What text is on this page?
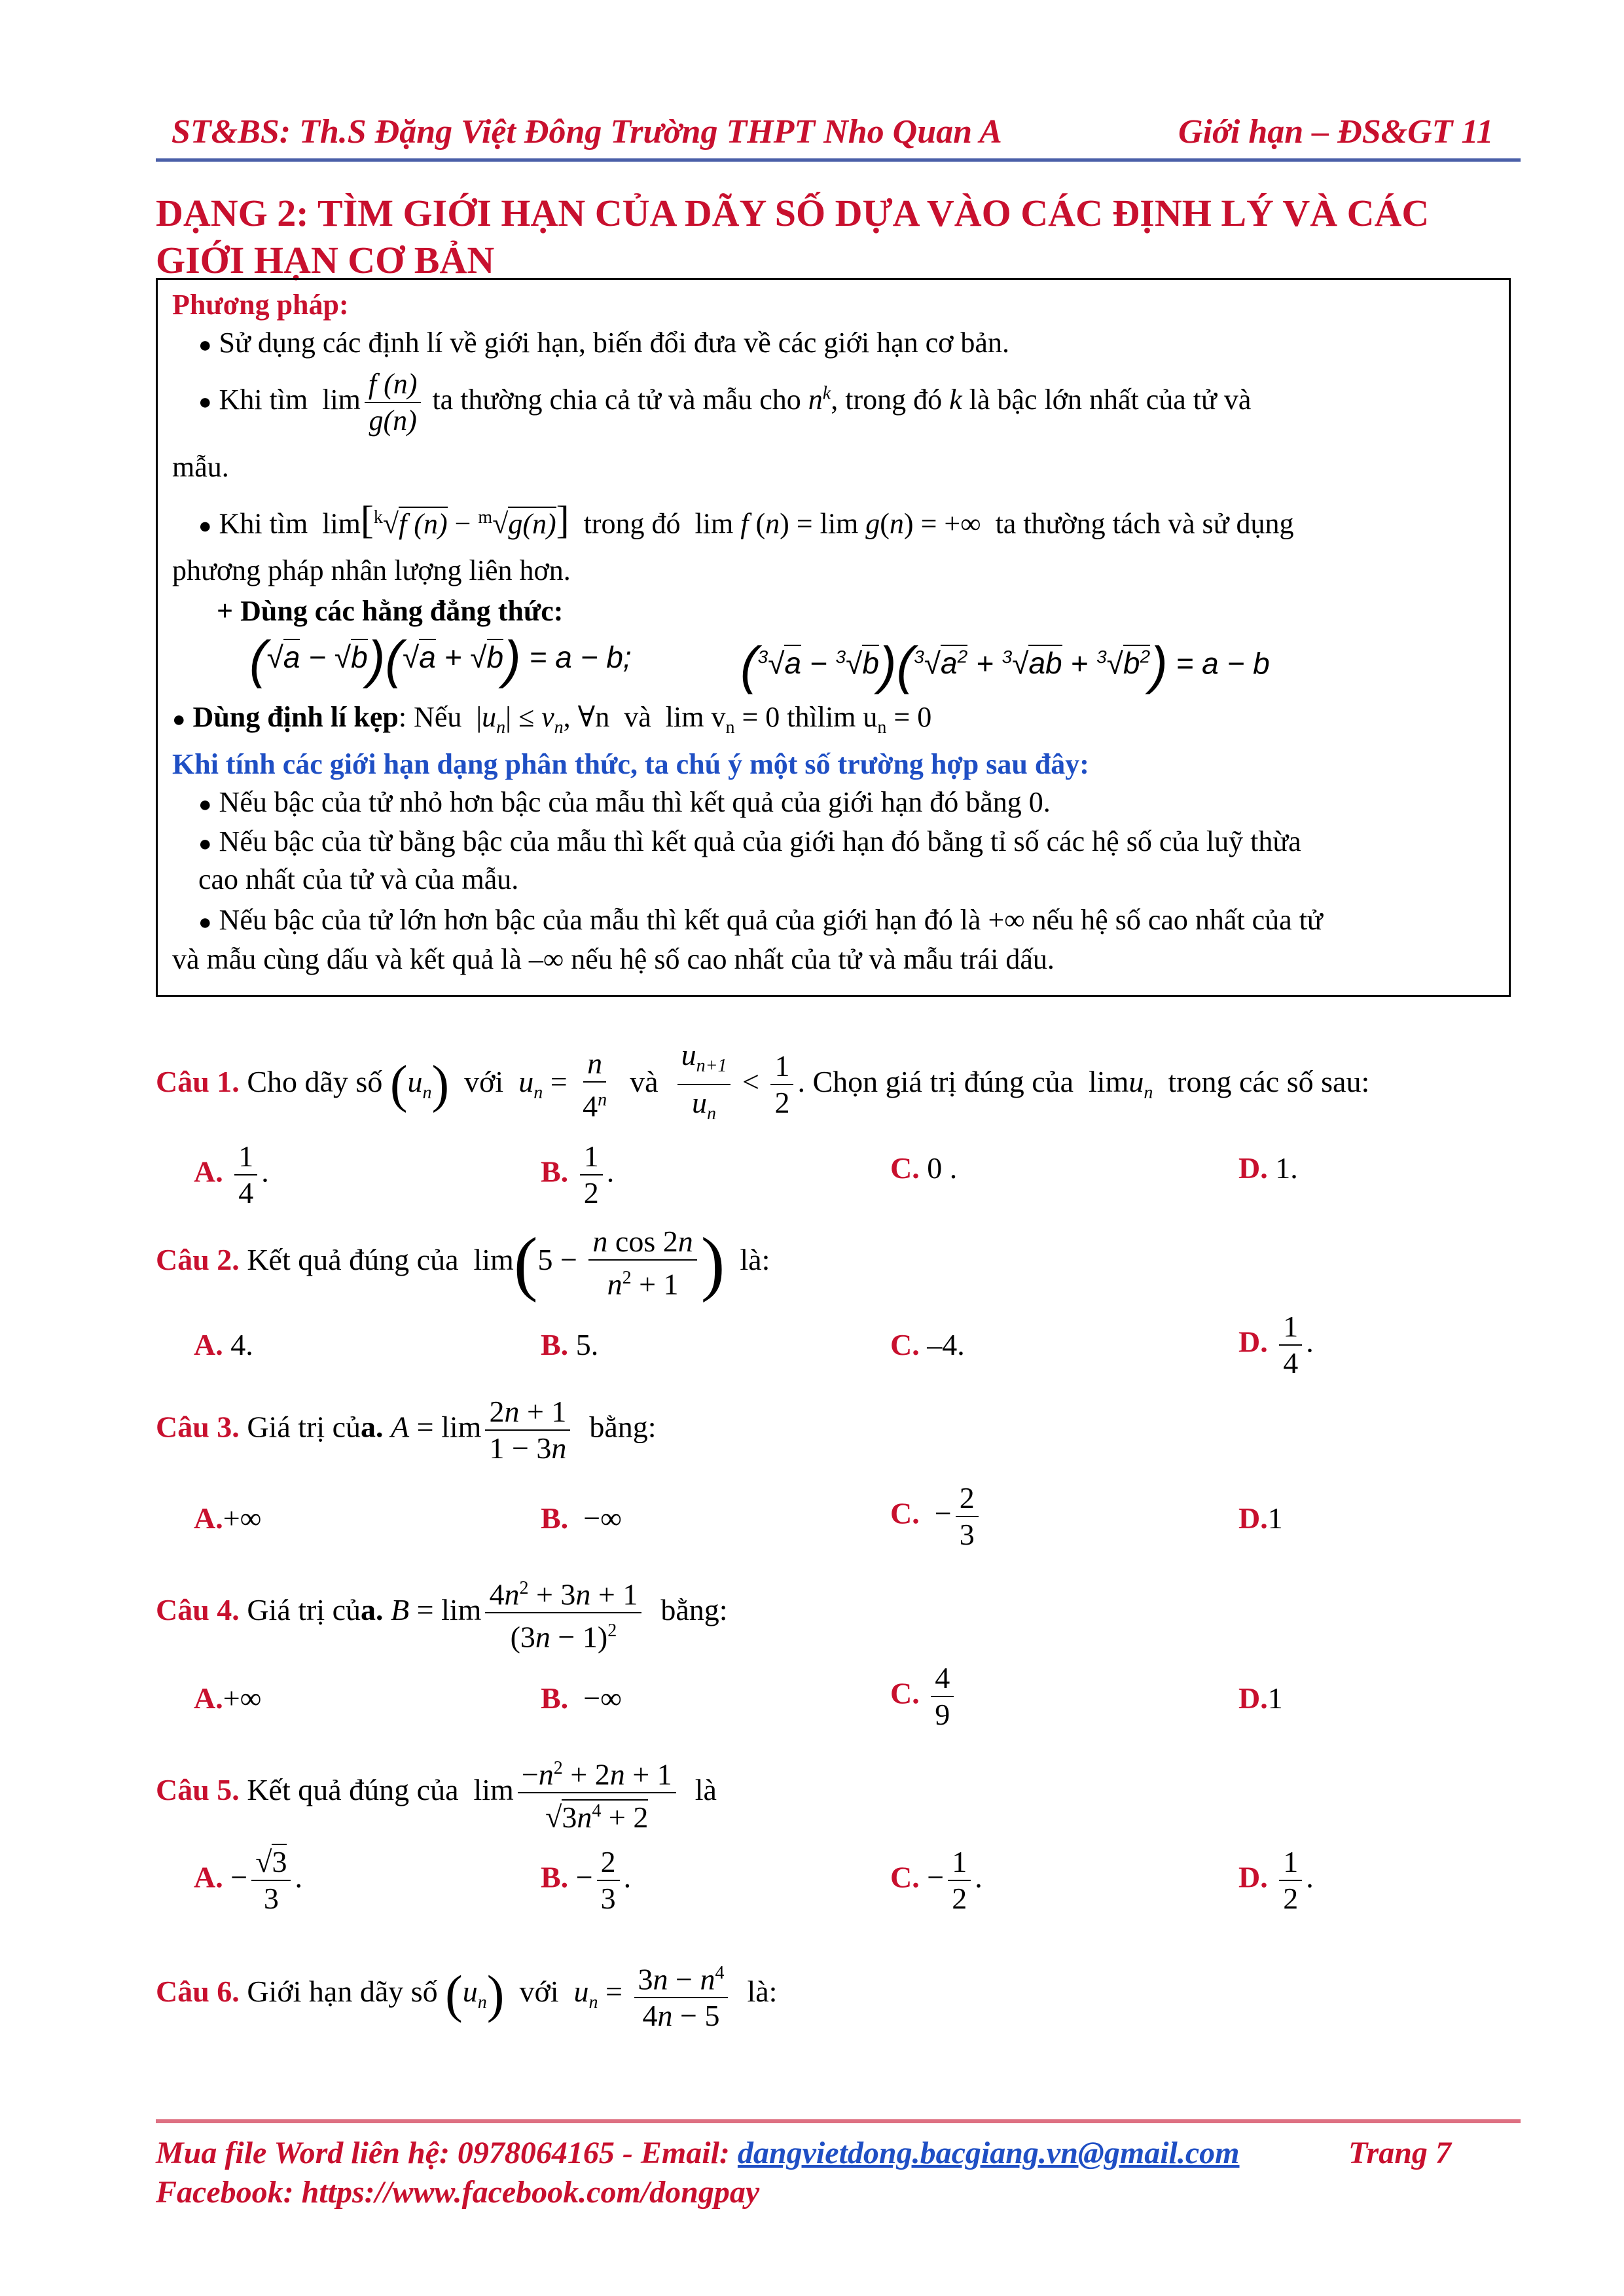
ST&BS: Th.S Đặng Việt Đông Trường THPT Nho Quan A	Giới hạn – ĐS&GT 11
DẠNG 2: TÌM GIỚI HẠN CỦA DÃY SỐ DỰA VÀO CÁC ĐỊNH LÝ VÀ CÁC GIỚI HẠN CƠ BẢN
Phương pháp:
● Sử dụng các định lí về giới hạn, biến đổi đưa về các giới hạn cơ bản.
● Khi tìm  $\lim \frac{f (n)}{g(n)}$ ta thường chia cả tử và mẫu cho $n^k$, trong đó k là bậc lớn nhất của tử và
mẫu.
● Khi tìm  lim[$^k$√f (n) − $^m$√g(n)] trong đó  lim f (n) = lim g(n) = +∞  ta thường tách và sử dụng
phương pháp nhân lượng liên hơn.
+ Dùng các hằng đẳng thức:
(√a − √b)(√a + √b) = a − b; $(^3√a - ^3√b)(^3√a^2 + ^3√ab + ^3√b^2) = a - b$
● Dùng định lí kẹp: Nếu  $|u_n| \le v_n$, ∀n  và  $\lim v_n = 0$ thìlim $u_n = 0$
Khi tính các giới hạn dạng phân thức, ta chú ý một số trường hợp sau đây:
● Nếu bậc của tử nhỏ hơn bậc của mẫu thì kết quả của giới hạn đó bằng 0.
● Nếu bậc của từ bằng bậc của mẫu thì kết quả của giới hạn đó bằng tỉ số các hệ số của luỹ thừa
cao nhất của tử và của mẫu.
● Nếu bậc của tử lớn hơn bậc của mẫu thì kết quả của giới hạn đó là +∞ nếu hệ số cao nhất của tử
và mẫu cùng dấu và kết quả là –∞ nếu hệ số cao nhất của tử và mẫu trái dấu.
Câu 1. Cho dãy số $(u_n)$ với $u_n = \frac{n}{4^n}$ và $\frac{u_{n+1}}{u_n} < \frac{1}{2}$ . Chọn giá trị đúng của  limu$_n$ trong các số sau:
A. $\frac{1}{4}$ .	B. $\frac{1}{2}$ .	C. 0 .	D. 1.
Câu 2. Kết quả đúng của  $\lim(5 - \frac{\text{n cos 2n}}{n^2 + 1}$ ) là:
A. 4.	B. 5.	C. –4.	D. $\frac{1}{4}$ .
Câu 3. Giá trị của. $A = \lim \frac{2n + 1}{1 - 3n}$ bằng:
A.+∞	B. −∞	C.  − $\frac{2}{3}$	D.1
Câu 4. Giá trị của. $B = \lim \frac{4n^2 + 3n + 1}{(3n - 1)^2}$ bằng:
A.+∞	B. −∞	C. $\frac{4}{9}$	D.1
Câu 5. Kết quả đúng của  $\lim \frac{-n^2 + 2n + 1}{√3n^4 + 2}$ là
A. − $\frac{√3}{3}$ .	B. − $\frac{2}{3}$ .	C. − $\frac{1}{2}$ .	D. $\frac{1}{2}$ .
Câu 6. Giới hạn dãy số $(u_n)$ với $u_n = \frac{3n - n^4}{4n - 5}$ là:
Mua file Word liên hệ: 0978064165 - Email: dangvietdong.bacgiang.vn@gmail.com	Trang 7
Facebook: https://www.facebook.com/dongpay
